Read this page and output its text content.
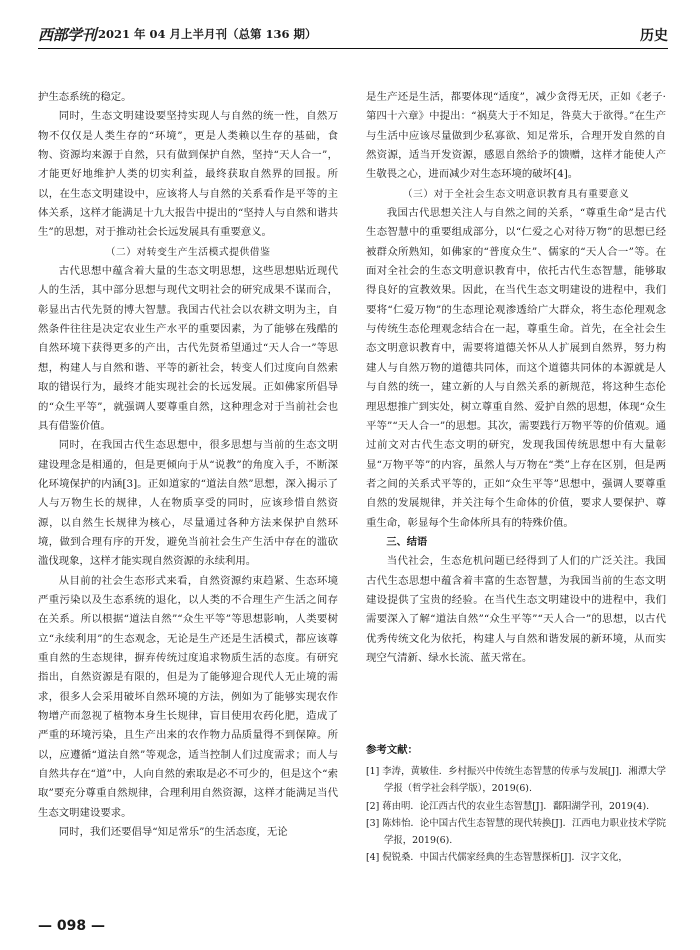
西部学刊 2021 年 04 月上半月刊（总第 136 期）	历史

护生态系统的稳定。

同时，生态文明建设要坚持实现人与自然的统一性，自然万物不仅仅是人类生存的“环境”，更是人类赖以生存的基础，食物、资源均来源于自然，只有做到保护自然，坚持“天人合一”，才能更好地维护人类的切实利益，最终获取自然界的回报。所以，在生态文明建设中，应该将人与自然的关系看作是平等的主体关系，这样才能满足十九大报告中提出的“坚持人与自然和谐共生”的思想，对于推动社会长远发展具有重要意义。

（二）对转变生产生活模式提供借鉴

古代思想中蕴含着大量的生态文明思想，这些思想贴近现代人的生活，其中部分思想与现代文明社会的研究成果不谋而合，彰显出古代先贤的博大智慧。我国古代社会以农耕文明为主，自然条件往往是决定农业生产水平的重要因素，为了能够在残酷的自然环境下获得更多的产出，古代先贤希望通过“天人合一”等思想，构建人与自然和谐、平等的新社会，转变人们过度向自然索取的错误行为，最终才能实现社会的长远发展。正如佛家所倡导的“众生平等”，就强调人要尊重自然，这种理念对于当前社会也具有借鉴价值。

同时，在我国古代生态思想中，很多思想与当前的生态文明建设理念是相通的，但是更倾向于从“说教”的角度入手，不断深化环境保护的内涵[3]。正如道家的“道法自然”思想，深入揭示了人与万物生长的规律，人在物质享受的同时，应该珍惜自然资源，以自然生长规律为核心，尽量通过各种方法来保护自然环境，做到合理有序的开发，避免当前社会生产生活中存在的滥砍滥伐现象，这样才能实现自然资源的永续利用。

从目前的社会生态形式来看，自然资源约束趋紧、生态环境严重污染以及生态系统的退化，以人类的不合理生产生活之间存在关系。所以根据“道法自然”“众生平等”等思想影响，人类要树立“永续利用”的生态观念，无论是生产还是生活模式，都应该尊重自然的生态规律，摒弃传统过度追求物质生活的态度。有研究指出，自然资源是有限的，但是为了能够迎合现代人无止境的需求，很多人会采用破坏自然环境的方法，例如为了能够实现农作物增产而忽视了植物本身生长规律，盲目使用农药化肥，造成了严重的环境污染，且生产出来的农作物力品质量得不到保障。所以，应遵循“道法自然”等观念，适当控制人们过度需求；而人与自然共存在“道”中，人向自然的索取是必不可少的，但是这个“索取”要充分尊重自然规律，合理利用自然资源，这样才能满足当代生态文明建设要求。

同时，我们还要倡导“知足常乐”的生活态度，无论

是生产还是生活，都要体现“适度”，减少贪得无厌，正如《老子·第四十六章》中提出：“祸莫大于不知足，咎莫大于欲得。”在生产与生活中应该尽量做到少私寡欲、知足常乐，合理开发自然的自然资源，适当开发资源，感恩自然给予的馈赠，这样才能使人产生敬畏之心，进而减少对生态环境的破坏[4]。

（三）对于全社会生态文明意识教育具有重要意义

我国古代思想关注人与自然之间的关系，“尊重生命”是古代生态智慧中的重要组成部分，以“仁爱之心对待万物”的思想已经被群众所熟知，如佛家的“普度众生”、儒家的“天人合一”等。在面对全社会的生态文明意识教育中，依托古代生态智慧，能够取得良好的宣教效果。因此，在当代生态文明建设的进程中，我们要将“仁爱万物”的生态理论观渗透给广大群众，将生态伦理观念与传统生态伦理观念结合在一起，尊重生命。首先，在全社会生态文明意识教育中，需要将道德关怀从人扩展到自然界，努力构建人与自然万物的道德共同体，而这个道德共同体的本源就是人与自然的统一，建立新的人与自然关系的新规范，将这种生态伦理思想推广到实处，树立尊重自然、爱护自然的思想，体现“众生平等”“天人合一”的思想。其次，需要践行万物平等的价值观。通过前文对古代生态文明的研究，发现我国传统思想中有大量彰显“万物平等”的内容，虽然人与万物在“类”上存在区别，但是两者之间的关系式平等的，正如“众生平等”思想中，强调人要尊重自然的发展规律，并关注每个生命体的价值，要求人要保护、尊重生命，彰显每个生命体所具有的特殊价值。

三、结语

当代社会，生态危机问题已经得到了人们的广泛关注。我国古代生态思想中蕴含着丰富的生态智慧，为我国当前的生态文明建设提供了宝贵的经验。在当代生态文明建设中的进程中，我们需要深入了解“道法自然”“众生平等”“天人合一”的思想，以古代优秀传统文化为依托，构建人与自然和谐发展的新环境，从而实现空气清新、绿水长流、蓝天常在。

参考文献：
[1] 李涛，黄敏佳．乡村振兴中传统生态智慧的传承与发展[J]．湘潭大学学报（哲学社会科学版），2019(6).
[2] 蒋由明．论江西古代的农业生态智慧[J]．鄱阳湖学刊，2019(4).
[3] 陈炜怡．论中国古代生态智慧的现代转换[J]．江西电力职业技术学院学报，2019(6).
[4] 倪锐桑．中国古代儒家经典的生态智慧探析[J]．汉字文化，
— 098 —
